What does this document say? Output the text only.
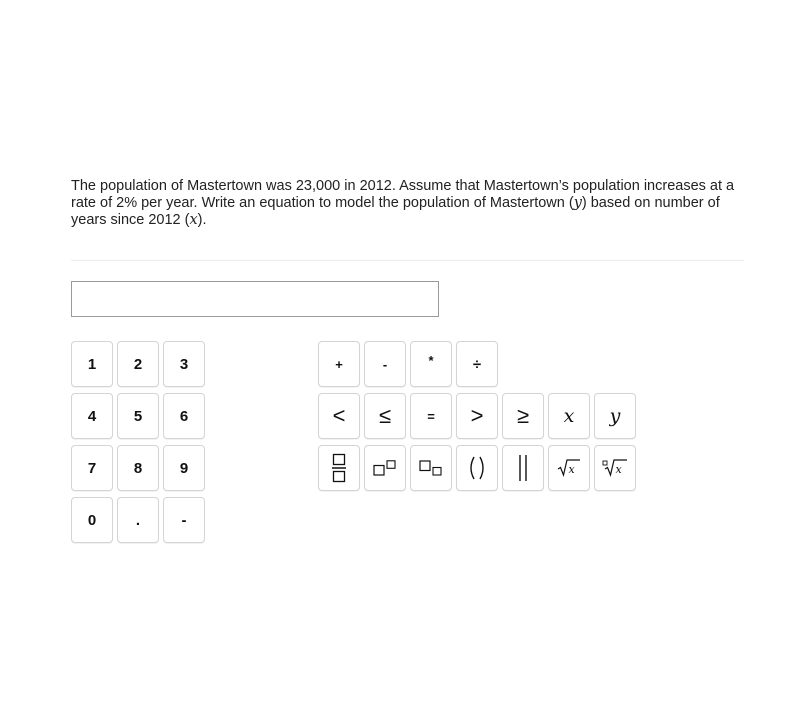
The population of Mastertown was 23,000 in 2012. Assume that Mastertown’s population increases at a rate of 2% per year. Write an equation to model the population of Mastertown (y) based on number of years since 2012 (x).
1	2	3
4	5	6
7	8	9
0	.	-
+	-	*	÷
< ≤	= > ≥ x y
x	x
